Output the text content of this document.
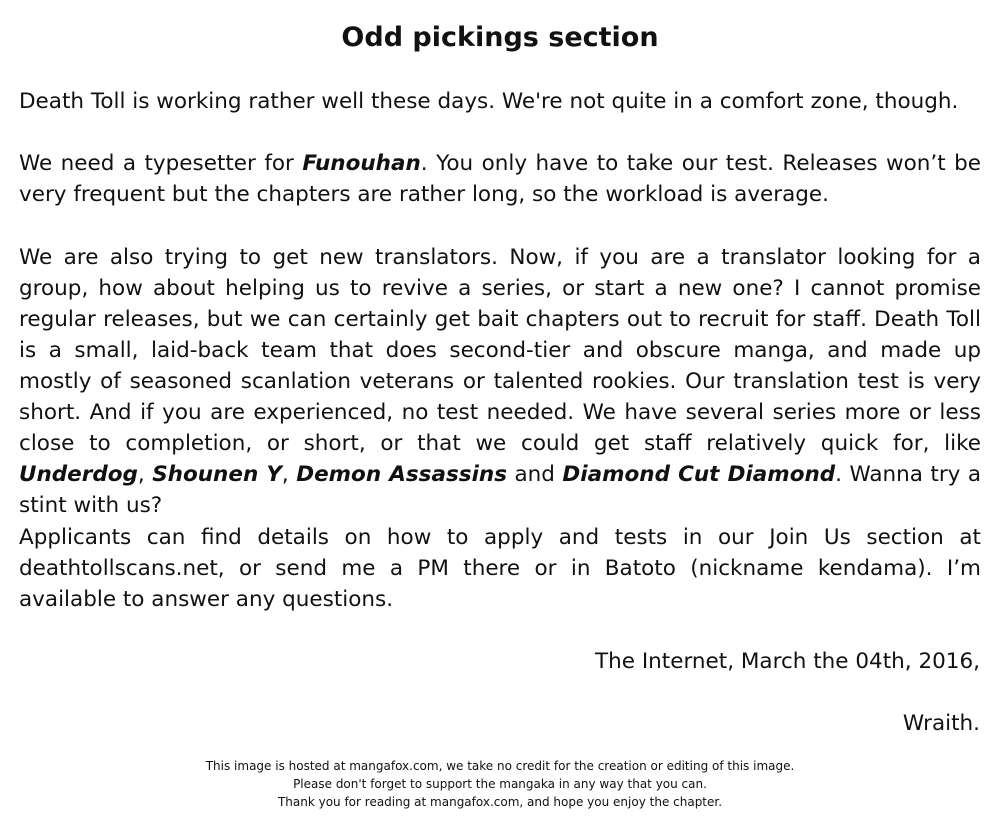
Odd pickings section

Death Toll is working rather well these days. We're not quite in a comfort zone, though.

We need a typesetter for Funouhan. You only have to take our test. Releases won’t be very frequent but the chapters are rather long, so the workload is average.

We are also trying to get new translators. Now, if you are a translator looking for a group, how about helping us to revive a series, or start a new one? I cannot promise regular releases, but we can certainly get bait chapters out to recruit for staff. Death Toll is a small, laid-back team that does second-tier and obscure manga, and made up mostly of seasoned scanlation veterans or talented rookies. Our translation test is very short. And if you are experienced, no test needed. We have several series more or less close to completion, or short, or that we could get staff relatively quick for, like Underdog, Shounen Y, Demon Assassins and Diamond Cut Diamond. Wanna try a stint with us?

Applicants can find details on how to apply and tests in our Join Us section at deathtollscans.net, or send me a PM there or in Batoto (nickname kendama). I’m available to answer any questions.

The Internet, March the 04th, 2016,

Wraith.

This image is hosted at mangafox.com, we take no credit for the creation or editing of this image.
Please don't forget to support the mangaka in any way that you can.
Thank you for reading at mangafox.com, and hope you enjoy the chapter.
